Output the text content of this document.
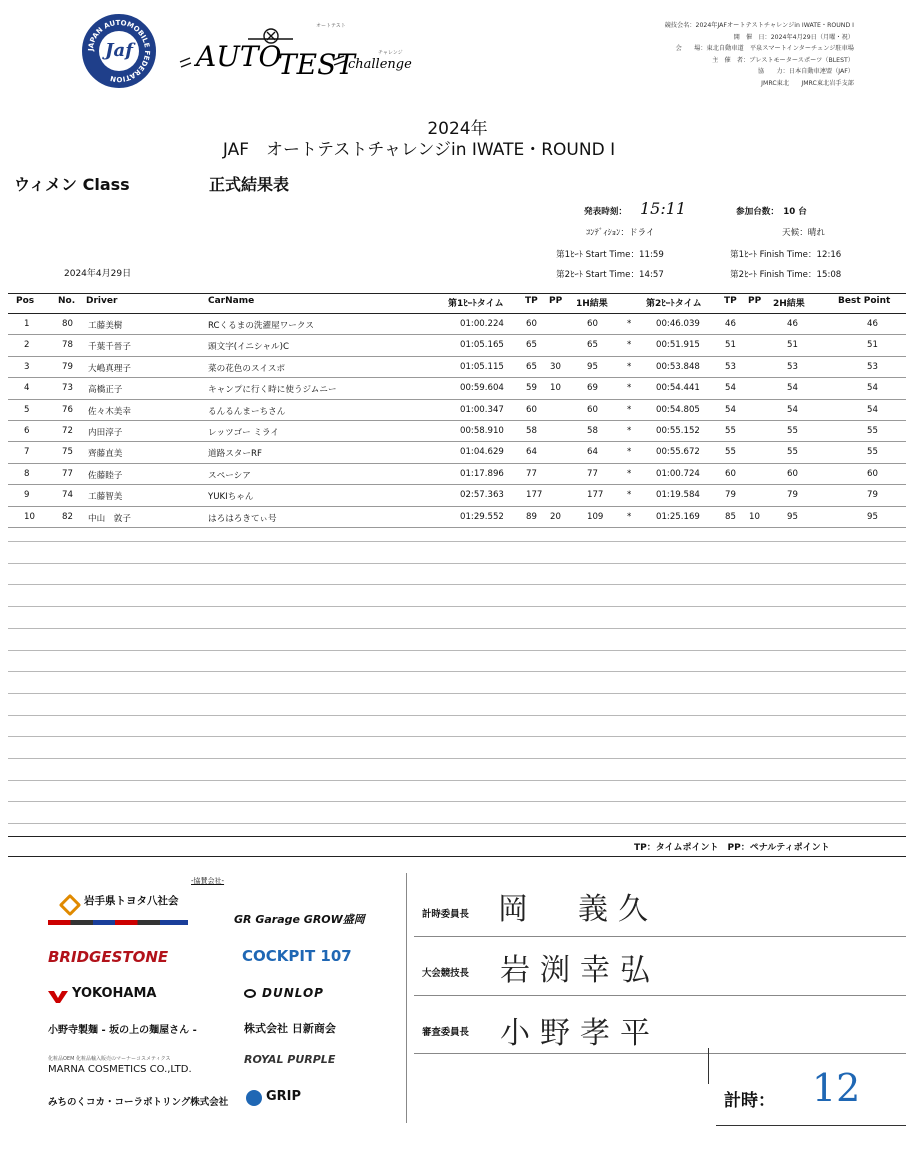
JAPAN AUTOMOBILE FEDERATION
Jaf AUTO
TEST
challenge
オートテスト
チャレンジ
競技会名：2024年JAFオートテストチャレンジin IWATE・ROUND I
開　催　日：2024年4月29日（月曜・祝）
会　　場：東北自動車道　平泉スマートインターチェンジ駐車場
主　催　者：ブレストモータースポーツ（BLEST）
協　　力：日本自動車連盟（JAF）
JMRC東北　　JMRC東北岩手支部
2024年
JAF　オートテストチャレンジin IWATE・ROUND I
ウィメン Class	正式結果表
発表時刻： 15:11	参加台数：　10 台
ｺﾝﾃﾞｨｼｮﾝ：ドライ	天候：晴れ
第1ﾋｰﾄ Start Time：11:59	第1ﾋｰﾄ Finish Time：12:16
第2ﾋｰﾄ Start Time：14:57	第2ﾋｰﾄ Finish Time：15:08
2024年4月29日
Pos	No. Driver	CarName	第1ﾋｰﾄタイム TP PP 1H結果	第2ﾋｰﾄタイム TP PP 2H結果	Best Point
1	80 工藤美樹	RCくるまの洗濯屋ワークス	01:00.224	60	60	*	00:46.039	46	46	46
2	78 千葉千晉子	頭文字(イニシャル)C	01:05.165	65	65	*	00:51.915	51	51	51
3	79 大嶋真理子	菜の花色のスイスポ	01:05.115	65 30	95	*	00:53.848	53	53	53
4	73 高橋正子	キャンプに行く時に使うジムニー	00:59.604	59 10	69	*	00:54.441	54	54	54
5	76 佐々木美幸	るんるんまーちさん	01:00.347	60	60	*	00:54.805	54	54	54
6	72 内田淳子	レッツゴー ミライ	00:58.910	58	58	*	00:55.152	55	55	55
7	75 齊藤直美	道路スターRF	01:04.629	64	64	*	00:55.672	55	55	55
8	77 佐藤睦子	スペーシア	01:17.896	77	77	*	01:00.724	60	60	60
9	74 工藤智美	YUKIちゃん	02:57.363	177	177	*	01:19.584	79	79	79
10	82 中山　敦子	はろはろきてぃ号	01:29.552	89 20	109	*	01:25.169	85 10	95	95
TP：タイムポイント　PP：ペナルティポイント
-協賛会社-
岩手県トヨタ八社会
GR Garage GROW盛岡
BRIDGESTONE	COCKPIT 107
YOKOHAMA	DUNLOP
小野寺製麺 - 坂の上の麺屋さん -	株式会社 日新商会
化粧品OEM 化粧品輸入販売のマーナーコスメティクス
MARNA COSMETICS CO.,LTD.
ROYAL PURPLE
みちのくコカ・コーラボトリング株式会社	GRIP
計時委員長 岡　義久
大会競技長 岩渕幸弘
審査委員長 小野孝平
計時： 12
